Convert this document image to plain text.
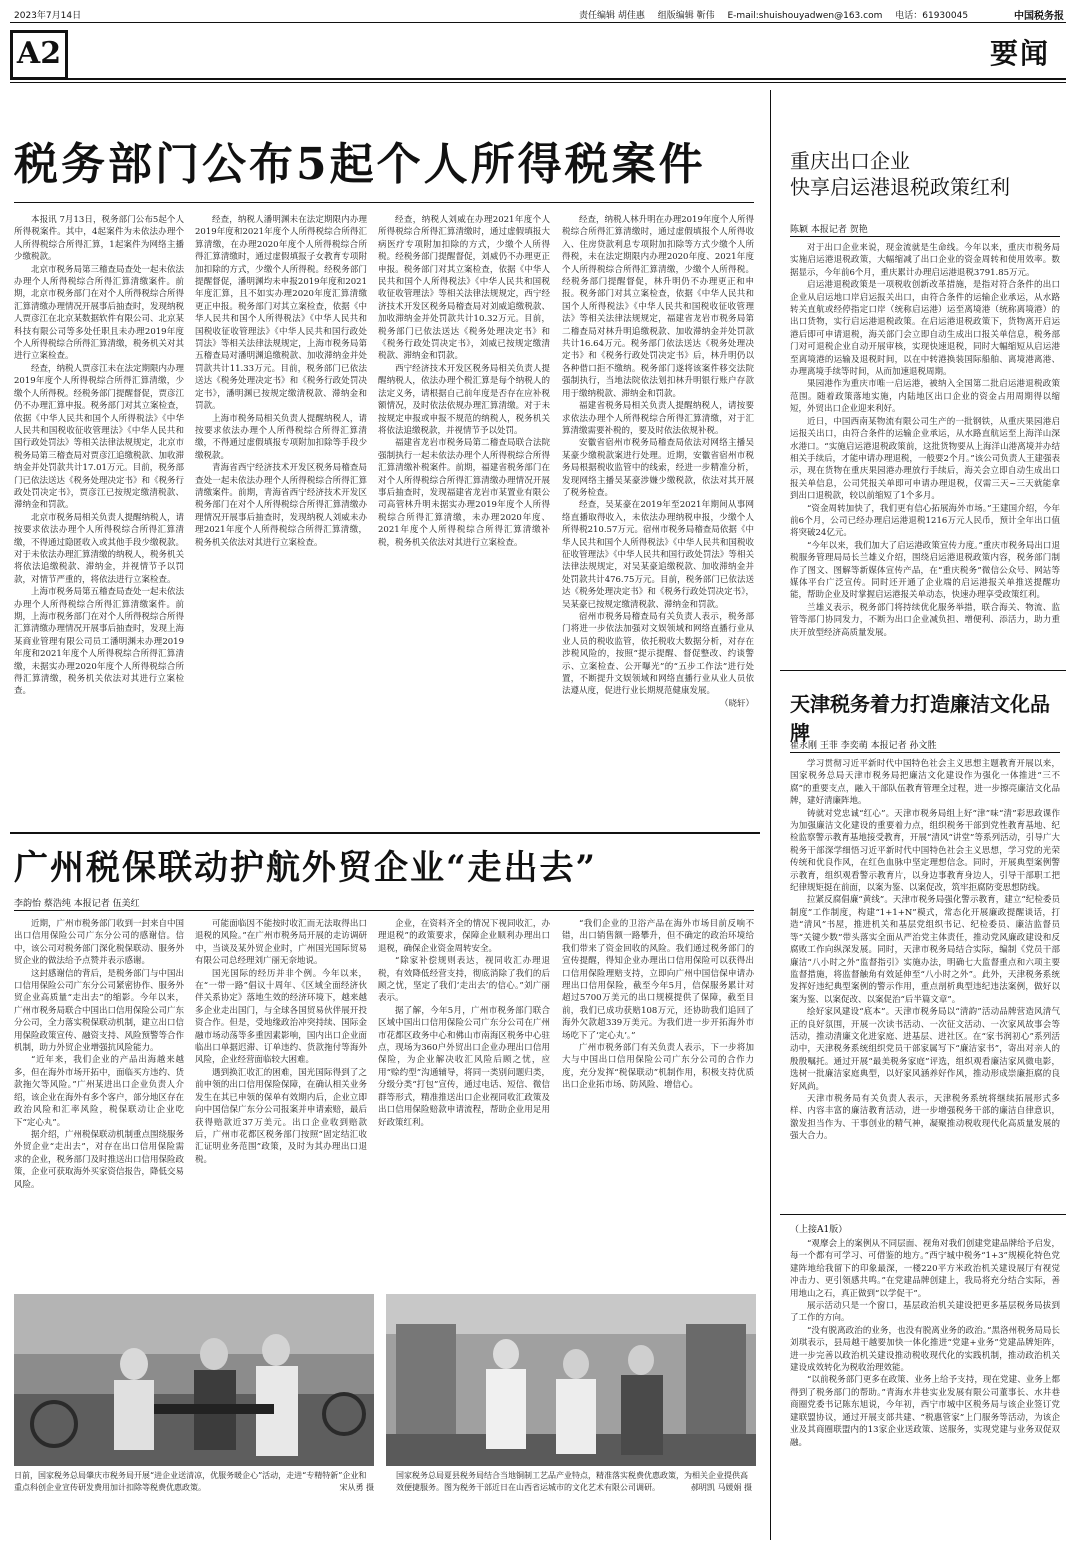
2023年7月14日	责任编辑 胡佳惠 组版编辑 靳伟 E-mail:shuishouyadwen@163.com 电话：61930045	中国税务报
A2	要闻
税务部门公布5起个人所得税案件

本报讯 7月13日，税务部门公布5起个人所得税案件。其中，4起案件为未依法办理个人所得税综合所得汇算，1起案件为网络主播少缴税款。

北京市税务局第三稽查局查处一起未依法办理个人所得税综合所得汇算清缴案件。前期，北京市税务部门在对个人所得税综合所得汇算清缴办理情况开展事后抽查时，发现纳税人贾彦江在北京某数据软件有限公司、北京某科技有限公司等多处任职且未办理2019年度个人所得税综合所得汇算清缴，税务机关对其进行立案检查。

经查，纳税人贾彦江未在法定期限内办理2019年度个人所得税综合所得汇算清缴，少缴个人所得税。经税务部门提醒督促，贾彦江仍不办理汇算申报。税务部门对其立案检查，依据《中华人民共和国个人所得税法》《中华人民共和国税收征收管理法》《中华人民共和国行政处罚法》等相关法律法规规定，北京市税务局第三稽查局对贾彦江追缴税款、加收滞纳金并处罚款共计17.01万元。目前，税务部门已依法送达《税务处理决定书》和《税务行政处罚决定书》，贾彦江已按规定缴清税款、滞纳金和罚款。

北京市税务局相关负责人提醒纳税人，请按要求依法办理个人所得税综合所得汇算清缴，不得通过隐匿收入或其他手段少缴税款。对于未依法办理汇算清缴的纳税人，税务机关将依法追缴税款、滞纳金，并视情节予以罚款，对情节严重的，将依法进行立案检查。

上海市税务局第五稽查局查处一起未依法办理个人所得税综合所得汇算清缴案件。前期，上海市税务部门在对个人所得税综合所得汇算清缴办理情况开展事后抽查时，发现上海某商业管理有限公司员工潘明渊未办理2019年度和2021年度个人所得税综合所得汇算清缴，未据实办理2020年度个人所得税综合所得汇算清缴，税务机关依法对其进行立案检查。

经查，纳税人潘明渊未在法定期限内办理2019年度和2021年度个人所得税综合所得汇算清缴，在办理2020年度个人所得税综合所得汇算清缴时，通过虚假填报子女教育专项附加扣除的方式，少缴个人所得税。经税务部门提醒督促，潘明渊均未申报2019年度和2021年度汇算，且不如实办理2020年度汇算清缴更正申报。税务部门对其立案检查，依据《中华人民共和国个人所得税法》《中华人民共和国税收征收管理法》《中华人民共和国行政处罚法》等相关法律法规规定，上海市税务局第五稽查局对潘明渊追缴税款、加收滞纳金并处罚款共计11.33万元。目前，税务部门已依法送达《税务处理决定书》和《税务行政处罚决定书》，潘明渊已按规定缴清税款、滞纳金和罚款。

上海市税务局相关负责人提醒纳税人，请按要求依法办理个人所得税综合所得汇算清缴，不得通过虚假填报专项附加扣除等手段少缴税款。

青海省西宁经济技术开发区税务局稽查局查处一起未依法办理个人所得税综合所得汇算清缴案件。前期，青海省西宁经济技术开发区税务部门在对个人所得税综合所得汇算清缴办理情况开展事后抽查时，发现纳税人刘威未办理2021年度个人所得税综合所得汇算清缴，税务机关依法对其进行立案检查。

经查，纳税人刘威在办理2021年度个人所得税综合所得汇算清缴时，通过虚假填报大病医疗专项附加扣除的方式，少缴个人所得税。经税务部门提醒督促，刘威仍不办理更正申报。税务部门对其立案检查，依据《中华人民共和国个人所得税法》《中华人民共和国税收征收管理法》等相关法律法规规定，西宁经济技术开发区税务局稽查局对刘威追缴税款、加收滞纳金并处罚款共计10.32万元。目前，税务部门已依法送达《税务处理决定书》和《税务行政处罚决定书》，刘威已按规定缴清税款、滞纳金和罚款。

西宁经济技术开发区税务局相关负责人提醒纳税人，依法办理个税汇算是每个纳税人的法定义务，请根据自己前年度是否存在应补税额情况，及时依法依规办理汇算清缴。对于未按规定申报或申报不规范的纳税人，税务机关将依法追缴税款，并视情节予以处罚。

福建省龙岩市税务局第二稽查局联合法院强制执行一起未依法办理个人所得税综合所得汇算清缴补税案件。前期，福建省税务部门在对个人所得税综合所得汇算清缴办理情况开展事后抽查时，发现福建省龙岩市某置业有限公司高管林升明未据实办理2019年度个人所得税综合所得汇算清缴，未办理2020年度、2021年度个人所得税综合所得汇算清缴补税，税务机关依法对其进行立案检查。

经查，纳税人林升明在办理2019年度个人所得税综合所得汇算清缴时，通过虚假填报个人所得收入、住房贷款利息专项附加扣除等方式少缴个人所得税，未在法定期限内办理2020年度、2021年度个人所得税综合所得汇算清缴，少缴个人所得税。经税务部门提醒督促，林升明仍不办理更正和申报。税务部门对其立案检查，依据《中华人民共和国个人所得税法》《中华人民共和国税收征收管理法》等相关法律法规规定，福建省龙岩市税务局第二稽查局对林升明追缴税款、加收滞纳金并处罚款共计16.64万元。税务部门依法送达《税务处理决定书》和《税务行政处罚决定书》后，林升明仍以各种借口拒不缴纳。税务部门遂将该案件移交法院强制执行，当地法院依法划扣林升明银行账户存款用于缴纳税款、滞纳金和罚款。

福建省税务局相关负责人提醒纳税人，请按要求依法办理个人所得税综合所得汇算清缴，对于汇算清缴需要补税的，要及时依法依规补税。

安徽省宿州市税务局稽查局依法对网络主播吴某豪少缴税款案进行处理。近期，安徽省宿州市税务局根据税收监管中的线索，经进一步精准分析，发现网络主播吴某豪涉嫌少缴税款，依法对其开展了税务检查。

经查，吴某豪在2019年至2021年期间从事网络直播取得收入，未依法办理纳税申报，少缴个人所得税210.57万元。宿州市税务局稽查局依据《中华人民共和国个人所得税法》《中华人民共和国税收征收管理法》《中华人民共和国行政处罚法》等相关法律法规规定，对吴某豪追缴税款、加收滞纳金并处罚款共计476.75万元。目前，税务部门已依法送达《税务处理决定书》和《税务行政处罚决定书》，吴某豪已按规定缴清税款、滞纳金和罚款。

宿州市税务局稽查局有关负责人表示，税务部门将进一步依法加强对文娱领域和网络直播行业从业人员的税收监管，依托税收大数据分析，对存在涉税风险的，按照“提示提醒、督促整改、约谈警示、立案检查、公开曝光”的“五步工作法”进行处置，不断提升文娱领域和网络直播行业从业人员依法遵从度，促进行业长期规范健康发展。

（晓轩）

广州税保联动护航外贸企业“走出去”
李韵怡 蔡浩纯 本报记者 伍美红

近期，广州市税务部门收到一封来自中国出口信用保险公司广东分公司的感谢信。信中，该公司对税务部门深化税保联动、服务外贸企业的做法给予点赞并表示感谢。

这封感谢信的背后，是税务部门与中国出口信用保险公司广东分公司紧密协作、服务外贸企业高质量“走出去”的缩影。今年以来，广州市税务局联合中国出口信用保险公司广东分公司，全力落实税保联动机制，建立出口信用保险政策宣传、融资支持、风险预警等合作机制，助力外贸企业增强抗风险能力。

“近年来，我们企业的产品出海越来越多，但在海外市场开拓中，面临买方违约、货款拖欠等风险。”广州某进出口企业负责人介绍，该企业在海外有多个客户，部分地区存在政治风险和汇率风险，税保联动让企业吃下“定心丸”。

据介绍，广州税保联动机制重点围绕服务外贸企业“走出去”，对存在出口信用保险需求的企业，税务部门及时推送出口信用保险政策，企业可获取海外买家资信报告，降低交易风险。

可能面临因不能按时收汇而无法取得出口退税的风险。”在广州市税务局开展的走访调研中，当谈及某外贸企业时，广州国光国际贸易有限公司总经理刘广丽无奈地说。

国光国际的经历并非个例。今年以来，在“一带一路”倡议十周年、《区域全面经济伙伴关系协定》落地生效的经济环境下，越来越多企业走出国门，与全球各国贸易伙伴展开投资合作。但是，受地缘政治冲突持续、国际金融市场动荡等多重因素影响，国内出口企业面临出口单据迟滞、订单违约、货款拖付等海外风险，企业经营面临较大困难。

遇到换汇收汇的困难，国光国际得到了之前申领的出口信用保险保障，在确认相关业务发生在其已申领的保单有效期内后，企业立即向中国信保广东分公司报案并申请索赔，最后获得赔款近37万美元。出口企业收到赔款后，广州市花都区税务部门按照“固定结汇收汇证明业务范围”政策，及时为其办理出口退税。

企业，在资料齐全的情况下视同收汇，办理退税”的政策要求，保障企业顺利办理出口退税，确保企业资金周转安全。

“除家补偿规则表达，视同收汇办理退税，有效降低经营支持，彻底消除了我们的后顾之忧，坚定了我们‘走出去’的信心。”刘广丽表示。

据了解，今年5月，广州市税务部门联合区域中国出口信用保险公司广东分公司在广州市花都区政务中心和佛山市南海区税务中心驻点，现场为360户外贸出口企业办理出口信用保险，为企业解决收汇风险后顾之忧，应用“赊约型”沟通辅导，将同一类别问题归类，分级分类“打包”宣传，通过电话、短信、微信群等形式，精准推送出口企业视同收汇政策及出口信用保险赔款申请流程，帮助企业用足用好政策红利。

“我们企业的卫浴产品在海外市场目前反响不错，出口销售额一路攀升，但不确定的政治环境给我们带来了资金回收的风险。我们通过税务部门的宣传提醒，得知企业办理出口信用保险可以获得出口信用保险理赔支持，立即向广州中国信保申请办理出口信用保险，截至今年5月，信保服务累计对超过5700万美元的出口规模提供了保障，截至目前，我们已成功获赔108万元，还协助我们追回了海外欠款超339万美元。为我们进一步开拓海外市场吃下了‘定心丸’。”

广州市税务部门有关负责人表示，下一步将加大与中国出口信用保险公司广东分公司的合作力度，充分发挥“税保联动”机制作用，积极支持优质出口企业拓市场、防风险、增信心。

日前，国家税务总局肇庆市税务局开展“进企业送清凉，优服务暖企心”活动，走进“专精特新”企业和重点科创企业宣传研发费用加计扣除等税费优惠政策。	宋从勇 摄
国家税务总局夏县税务局结合当地铜制工艺品产业特点，精准落实税费优惠政策，为相关企业提供高效便捷服务。图为税务干部近日在山西省运城市的文化艺术有限公司调研。	郝明凯 马媛娟 摄
重庆出口企业
快享启运港退税政策红利
陈颖 本报记者 贺艳

对于出口企业来说，现金流就是生命线。今年以来，重庆市税务局实施启运港退税政策，大幅缩减了出口企业的资金周转和使用效率。数据显示，今年前6个月，重庆累计办理启运港退税3791.85万元。

启运港退税政策是一项税收创新改革措施，是指对符合条件的出口企业从启运地口岸启运报关出口，由符合条件的运输企业承运，从水路转关直航或经停指定口岸（统称启运港）运至离境港（统称离境港）的出口货物，实行启运港退税政策。在启运港退税政策下，货物离开启运港后即可申请退税，海关部门会立即自动生成出口报关单信息，税务部门对可退税企业自动开展审核，实现快速退税，同时大幅缩短从启运港至离境港的运输及退税时间，以在中转港换装国际船舶、离境港离港、办理离境手续等时间，从而加速退税周期。

果园港作为重庆市唯一启运港，被纳入全国第二批启运港退税政策范围。随着政策落地实施，内陆地区出口企业的资金占用周期得以缩短，外贸出口企业迎来利好。

近日，中国西南某物流有限公司生产的一批钢铁，从重庆果园港启运报关出口，由符合条件的运输企业承运，从水路直航运至上海洋山深水港口。“实施启运港退税政策前，这批货物要从上海洋山港离境并办结相关手续后，才能申请办理退税，一般要2个月。”该公司负责人王建强表示，现在货物在重庆果园港办理放行手续后，海关会立即自动生成出口报关单信息，公司凭报关单即可申请办理退税，仅需三天~三天就能拿到出口退税款，较以前缩短了1个多月。

“资金周转加快了，我们更有信心拓展海外市场。”王建国介绍，今年前6个月，公司已经办理启运港退税1216万元人民币，预计全年出口值将突破24亿元。

“今年以来，我们加大了启运港政策宣传力度。”重庆市税务局出口退税服务管理局局长兰雄义介绍，围绕启运港退税政策内容，税务部门制作了图文、图解等新媒体宣传产品，在“重庆税务”微信公众号、网站等媒体平台广泛宣传。同时还开通了企业端的启运港报关单推送提醒功能，帮助企业及时掌握启运港报关单动态，快速办理享受政策红利。

兰雄义表示，税务部门将持续优化服务举措，联合海关、物流、监管等部门协同发力，不断为出口企业减负担、增便利、添活力，助力重庆开放型经济高质量发展。

天津税务着力打造廉洁文化品牌
崔永刚 王菲 李奕萌 本报记者 孙文胜

学习贯彻习近平新时代中国特色社会主义思想主题教育开展以来，国家税务总局天津市税务局把廉洁文化建设作为强化一体推进“三不腐”的重要支点，融入干部队伍教育管理全过程，进一步擦亮廉洁文化品牌，建好清廉阵地。

铸就对党忠诚“红心”。天津市税务局组上好“津”味“清”彩思政课作为加强廉洁文化建设的重要着力点，组织税务干部到党性教育基地、纪检监察警示教育基地接受教育，开展“清风“讲堂”等系列活动，引导广大税务干部深学细悟习近平新时代中国特色社会主义思想，学习党的光荣传统和优良作风，在红色血脉中坚定理想信念。同时，开展典型案例警示教育，组织观看警示教育片，以身边事教育身边人，引导干部职工把纪律规矩挺在前面，以案为鉴、以案促改，筑牢拒腐防变思想防线。

拉紧反腐倡廉“黄线”。天津市税务局强化警示教育，建立“纪检委员制度”工作制度，构建“1+1+N”模式，常态化开展廉政提醒谈话，打造“清风”书屋，推进机关和基层党组织书记、纪检委员、廉洁监督员等“关键少数”带头落实全面从严治党主体责任，推动党风廉政建设和反腐败工作向纵深发展。同时，天津市税务局结合实际，编制《党员干部廉洁“八小时之外”监督指引》实施办法，明确七大监督重点和六项主要监督措施，将监督触角有效延伸至“八小时之外”。此外，天津税务系统发挥好违纪典型案例的警示作用，重点剖析典型违纪违法案例，做好以案为鉴、以案促改、以案促治“后半篇文章”。

绘好家风建设“底本”。天津市税务局以“清韵”活动品牌营造风清气正的良好氛围，开展一次读书活动、一次征文活动、一次家风故事会等活动，推动清廉文化进家庭、进基层、进社区。在“家书润初心”系列活动中，天津税务系统组织党员干部家属写下“廉洁家书”，寄出对亲人的殷殷嘱托。通过开展“最美税务家庭”评选，组织观看廉洁家风微电影，选树一批廉洁家庭典型，以好家风涵养好作风，推动形成崇廉拒腐的良好风尚。

天津市税务局有关负责人表示，天津税务系统将继续拓展形式多样、内容丰富的廉洁教育活动，进一步增强税务干部的廉洁自律意识，激发担当作为、干事创业的精气神，凝聚推动税收现代化高质量发展的强大合力。

（上接A1版）

“观摩会上的案例从不同层面、视角对我们创建党建品牌给予启发，每一个都有可学习、可借鉴的地方。”西宁城中税务“1+3”规模化特色党建阵地给我留下的印象最深，一楼220平方米政治机关建设展厅有视觉冲击力、更引领感共鸣。”在党建品牌创建上，我局将充分结合实际，善用地山之石，真正做到“以学促干”。

展示活动只是一个窗口，基层政治机关建设把更多基层税务局拔到了工作的方向。

“没有脱离政治的业务，也没有脱离业务的政治。”黑洛州税务局局长刘琪表示，县局越干越要加快一体化推进“党建+业务”党建品牌矩阵，进一步完善以政治机关建设推动税收现代化的实践机制，推动政治机关建设成效转化为税收治理效能。

“以前税务部门更多在政策、业务上给予支持，现在党建、业务上都得到了税务部门的帮助。”青海水井巷实业发展有限公司董事长、水井巷商圈党委书记陈东旭说，今年初，西宁市城中区税务局与该企业签订党建联盟协议，通过开展支部共建、“税惠管家”上门服务等活动，为该企业及其商圈联盟内的13家企业送政策、送服务，实现党建与业务双促双融。
